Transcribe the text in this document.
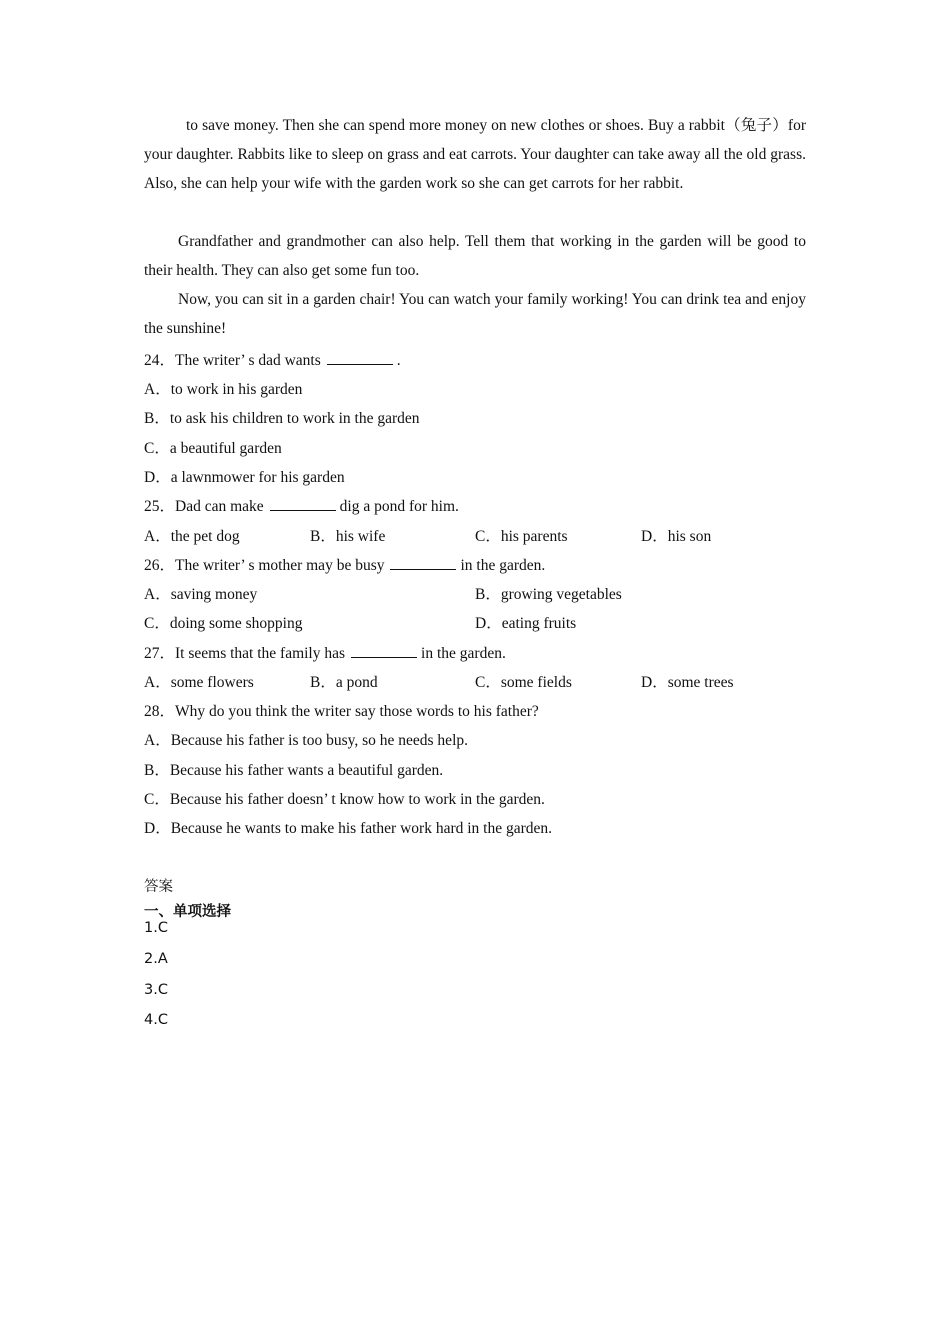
to save money. Then she can spend more money on new clothes or shoes. Buy a rabbit（兔子）for your daughter. Rabbits like to sleep on grass and eat carrots. Your daughter can take away all the old grass. Also, she can help your wife with the garden work so she can get carrots for her rabbit.

Grandfather and grandmother can also help. Tell them that working in the garden will be good to their health. They can also get some fun too.

Now, you can sit in a garden chair! You can watch your family working! You can drink tea and enjoy the sunshine!

24．The writer’ s dad wants	.
A．to work in his garden
B．to ask his children to work in the garden
C．a beautiful garden
D．a lawnmower for his garden
25．Dad can make	dig a pond for him.
A．the pet dog	B．his wife	C．his parents	D．his son
26．The writer’ s mother may be busy	in the garden.
A．saving money	B．growing vegetables
C．doing some shopping	D．eating fruits
27．It seems that the family has	in the garden.
A．some flowers	B．a pond	C．some fields	D．some trees
28．Why do you think the writer say those words to his father?
A．Because his father is too busy, so he needs help.
B．Because his father wants a beautiful garden.
C．Because his father doesn’ t know how to work in the garden.
D．Because he wants to make his father work hard in the garden.
答案
一、单项选择
1.C
2.A
3.C
4.C
